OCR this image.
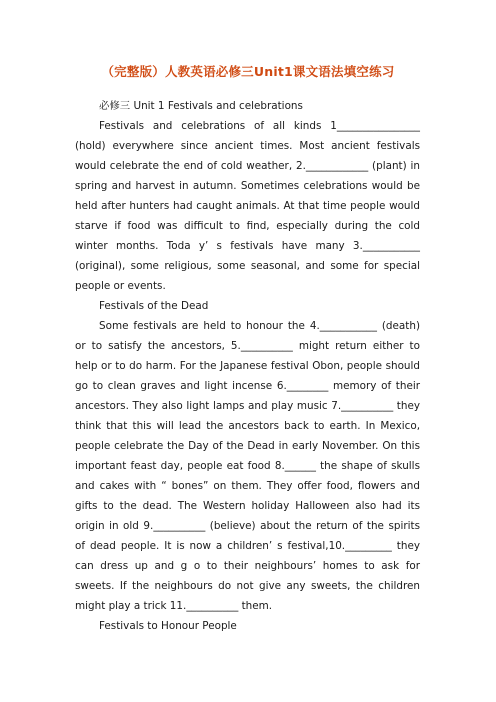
（完整版）人教英语必修三Unit1课文语法填空练习

必修三 Unit 1 Festivals and celebrations

Festivals and celebrations of all kinds 1________________ (hold) everywhere since ancient times. Most ancient festivals would celebrate the end of cold weather, 2.____________ (plant) in spring and harvest in autumn. Sometimes celebrations would be held after hunters had caught animals. At that time people would starve if food was difficult to find, especially during the cold winter months. Toda y’ s festivals have many 3.___________ (original), some religious, some seasonal, and some for special people or events.

Festivals of the Dead

Some festivals are held to honour the 4.___________ (death) or to satisfy the ancestors, 5.__________ might return either to help or to do harm. For the Japanese festival Obon, people should go to clean graves and light incense 6.________ memory of their ancestors. They also light lamps and play music 7.__________ they think that this will lead the ancestors back to earth. In Mexico, people celebrate the Day of the Dead in early November. On this important feast day, people eat food 8.______ the shape of skulls and cakes with “ bones” on them. They offer food, flowers and gifts to the dead. The Western holiday Halloween also had its origin in old 9.__________ (believe) about the return of the spirits of dead people. It is now a children’ s festival,10._________ they can dress up and g o to their neighbours’ homes to ask for sweets. If the neighbours do not give any sweets, the children might play a trick 11.__________ them.

Festivals to Honour People
